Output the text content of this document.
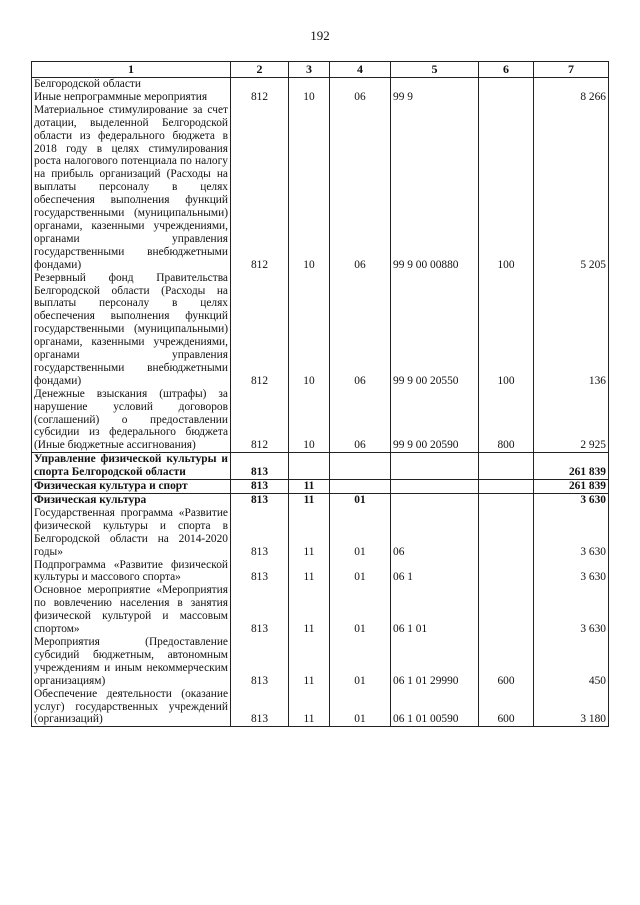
192
1	2	3	4	5	6	7
Белгородской области						
Иные непрограммные мероприятия	812	10	06	99 9		8 266
Материальное стимулирование за счет дотации, выделенной Белгородской области из федерального бюджета в 2018 году в целях стимулирования роста налогового потенциала по налогу на прибыль организаций (Расходы на выплаты персоналу в целях обеспечения выполнения функций государственными (муниципальными) органами, казенными учреждениями, органами управления государственными внебюджетными фондами)	812	10	06	99 9 00 00880	100	5 205
Резервный фонд Правительства Белгородской области (Расходы на выплаты персоналу в целях обеспечения выполнения функций государственными (муниципальными) органами, казенными учреждениями, органами управления государственными внебюджетными фондами)	812	10	06	99 9 00 20550	100	136
Денежные взыскания (штрафы) за нарушение условий договоров (соглашений) о предоставлении субсидии из федерального бюджета (Иные бюджетные ассигнования)	812	10	06	99 9 00 20590	800	2 925
Управление физической культуры и спорта Белгородской области	813					261 839
Физическая культура и спорт	813	11				261 839
Физическая культура	813	11	01			3 630
Государственная программа «Развитие физической культуры и спорта в Белгородской области на 2014-2020 годы»	813	11	01	06		3 630
Подпрограмма «Развитие физической культуры и массового спорта»	813	11	01	06 1		3 630
Основное мероприятие «Мероприятия по вовлечению населения в занятия физической культурой и массовым спортом»	813	11	01	06 1 01		3 630
Мероприятия (Предоставление субсидий бюджетным, автономным учреждениям и иным некоммерческим организациям)	813	11	01	06 1 01 29990	600	450
Обеспечение деятельности (оказание услуг) государственных учреждений (организаций)	813	11	01	06 1 01 00590	600	3 180
